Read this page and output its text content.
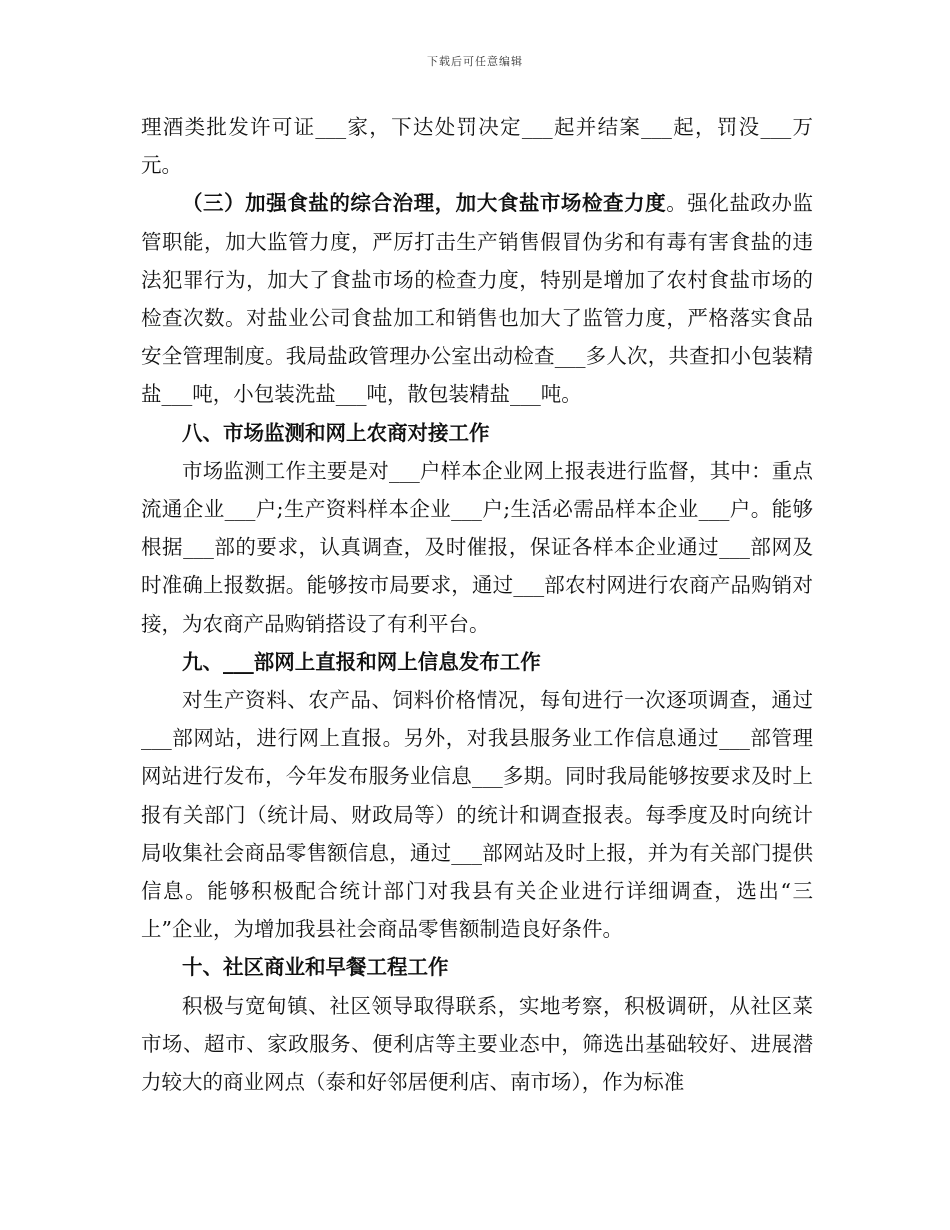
下载后可任意编辑

理酒类批发许可证___家，下达处罚决定___起并结案___起，罚没___万元。

（三）加强食盐的综合治理，加大食盐市场检查力度。强化盐政办监管职能，加大监管力度，严厉打击生产销售假冒伪劣和有毒有害食盐的违法犯罪行为，加大了食盐市场的检查力度，特别是增加了农村食盐市场的检查次数。对盐业公司食盐加工和销售也加大了监管力度，严格落实食品安全管理制度。我局盐政管理办公室出动检查___多人次，共查扣小包装精盐___吨，小包装洗盐___吨，散包装精盐___吨。

八、市场监测和网上农商对接工作

市场监测工作主要是对___户样本企业网上报表进行监督，其中：重点流通企业___户;生产资料样本企业___户;生活必需品样本企业___户。能够根据___部的要求，认真调查，及时催报，保证各样本企业通过___部网及时准确上报数据。能够按市局要求，通过___部农村网进行农商产品购销对接，为农商产品购销搭设了有利平台。

九、___部网上直报和网上信息发布工作

对生产资料、农产品、饲料价格情况，每旬进行一次逐项调查，通过___部网站，进行网上直报。另外，对我县服务业工作信息通过___部管理网站进行发布，今年发布服务业信息___多期。同时我局能够按要求及时上报有关部门（统计局、财政局等）的统计和调查报表。每季度及时向统计局收集社会商品零售额信息，通过___部网站及时上报，并为有关部门提供信息。能够积极配合统计部门对我县有关企业进行详细调查，选出“三上”企业，为增加我县社会商品零售额制造良好条件。

十、社区商业和早餐工程工作

积极与宽甸镇、社区领导取得联系，实地考察，积极调研，从社区菜市场、超市、家政服务、便利店等主要业态中，筛选出基础较好、进展潜力较大的商业网点（泰和好邻居便利店、南市场），作为标准
